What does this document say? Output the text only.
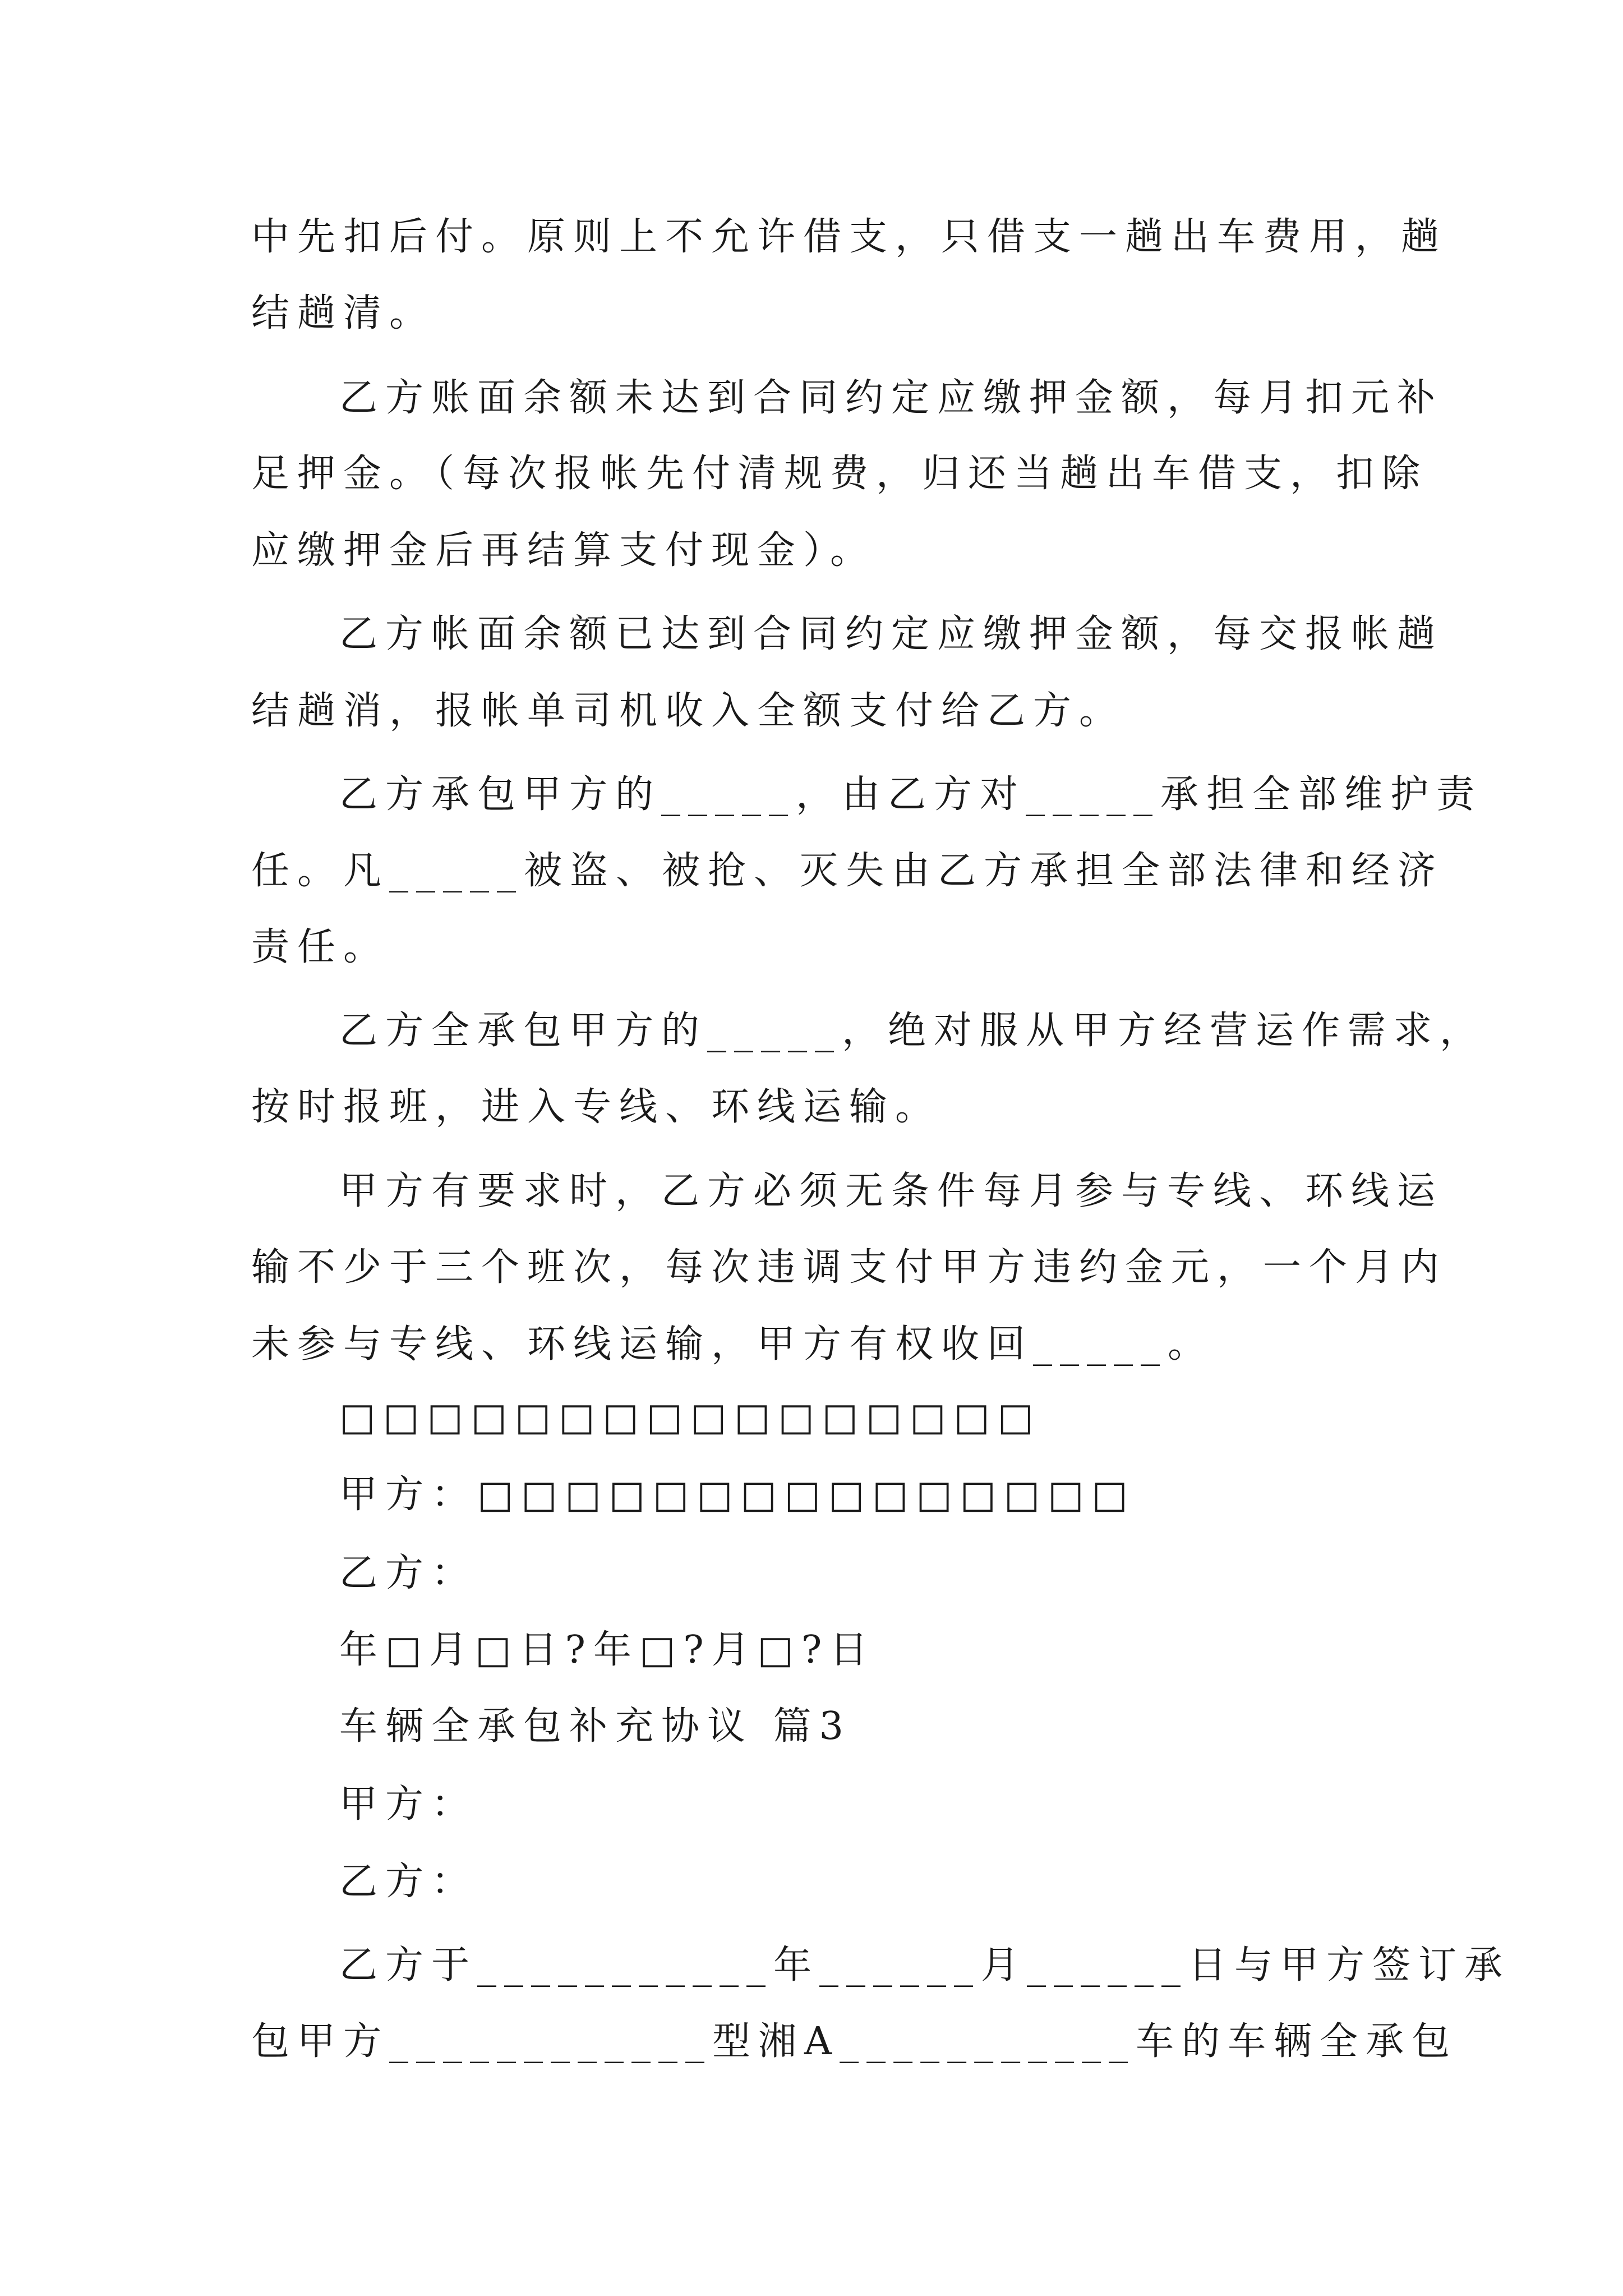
中先扣后付。原则上不允许借支，只借支一趟出车费用，趟
结趟清。
乙方账面余额未达到合同约定应缴押金额，每月扣元补
足押金。（每次报帐先付清规费，归还当趟出车借支，扣除
应缴押金后再结算支付现金）。
乙方帐面余额已达到合同约定应缴押金额，每交报帐趟
结趟消，报帐单司机收入全额支付给乙方。
乙方承包甲方的_____，由乙方对_____承担全部维护责
任。凡_____被盗、被抢、灭失由乙方承担全部法律和经济
责任。
乙方全承包甲方的_____，绝对服从甲方经营运作需求，
按时报班，进入专线、环线运输。
甲方有要求时，乙方必须无条件每月参与专线、环线运
输不少于三个班次，每次违调支付甲方违约金元，一个月内
未参与专线、环线运输，甲方有权收回_____。
□□□□□□□□□□□□□□□□
甲方：□□□□□□□□□□□□□□□
乙方：
年□月□日?年□?月□?日
车辆全承包补充协议 篇3
甲方：
乙方：
乙方于___________年______月______日与甲方签订承
包甲方____________型湘A___________车的车辆全承包
